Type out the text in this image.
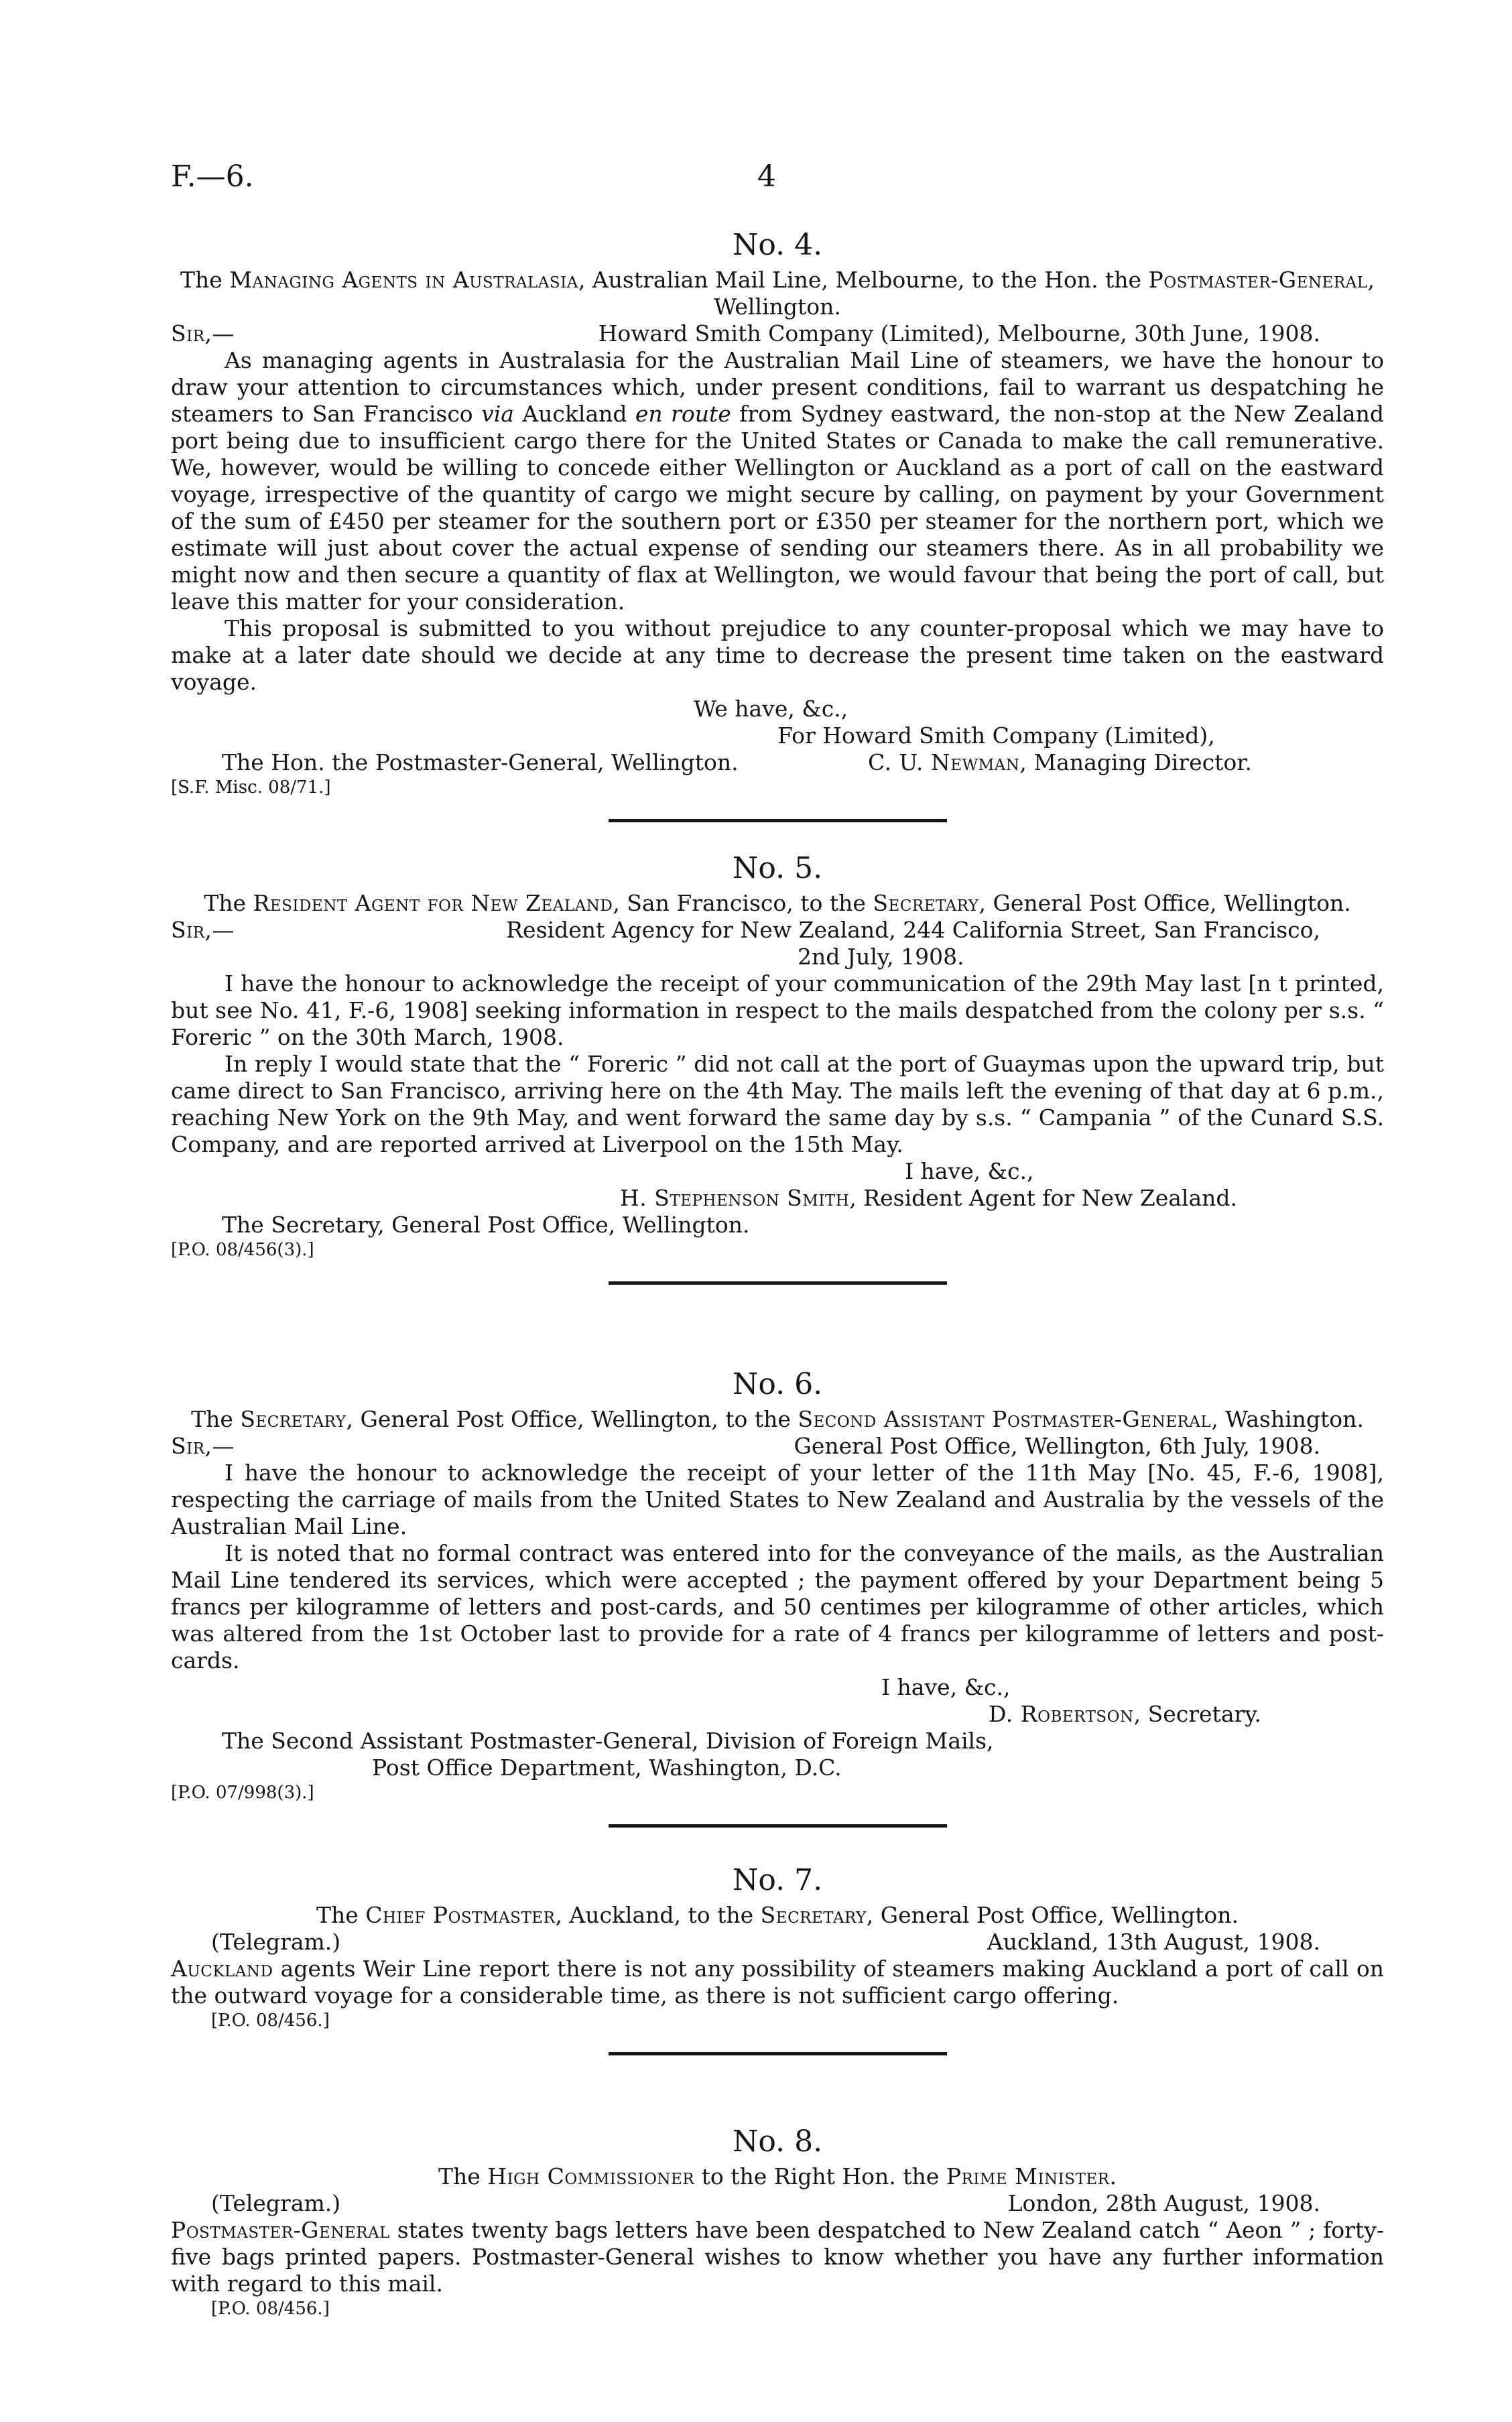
F.—6.	4

No. 4.

The Managing Agents in Australasia, Australian Mail Line, Melbourne, to the Hon. the Postmaster-General, Wellington.

Sir,—	Howard Smith Company (Limited), Melbourne, 30th June, 1908.

As managing agents in Australasia for the Australian Mail Line of steamers, we have the honour to draw your attention to circumstances which, under present conditions, fail to warrant us despatching he steamers to San Francisco via Auckland en route from Sydney eastward, the non-stop at the New Zealand port being due to insufficient cargo there for the United States or Canada to make the call remunerative. We, however, would be willing to concede either Wellington or Auckland as a port of call on the eastward voyage, irrespective of the quantity of cargo we might secure by calling, on payment by your Government of the sum of £450 per steamer for the southern port or £350 per steamer for the northern port, which we estimate will just about cover the actual expense of sending our steamers there. As in all probability we might now and then secure a quantity of flax at Wellington, we would favour that being the port of call, but leave this matter for your consideration.

This proposal is submitted to you without prejudice to any counter-proposal which we may have to make at a later date should we decide at any time to decrease the present time taken on the eastward voyage.

We have, &c.,
For Howard Smith Company (Limited),
The Hon. the Postmaster-General, Wellington.	C. U. Newman, Managing Director.

[S.F. Misc. 08/71.]

No. 5.

The Resident Agent for New Zealand, San Francisco, to the Secretary, General Post Office, Wellington.

Sir,—	Resident Agency for New Zealand, 244 California Street, San Francisco,
2nd July, 1908.

I have the honour to acknowledge the receipt of your communication of the 29th May last [n t printed, but see No. 41, F.-6, 1908] seeking information in respect to the mails despatched from the colony per s.s. “ Foreric ” on the 30th March, 1908.

In reply I would state that the “ Foreric ” did not call at the port of Guaymas upon the upward trip, but came direct to San Francisco, arriving here on the 4th May. The mails left the evening of that day at 6 p.m., reaching New York on the 9th May, and went forward the same day by s.s. “ Campania ” of the Cunard S.S. Company, and are reported arrived at Liverpool on the 15th May.

I have, &c.,
H. Stephenson Smith, Resident Agent for New Zealand.
The Secretary, General Post Office, Wellington.

[P.O. 08/456(3).]

No. 6.

The Secretary, General Post Office, Wellington, to the Second Assistant Postmaster-General, Washington.

Sir,—	General Post Office, Wellington, 6th July, 1908.

I have the honour to acknowledge the receipt of your letter of the 11th May [No. 45, F.-6, 1908], respecting the carriage of mails from the United States to New Zealand and Australia by the vessels of the Australian Mail Line.

It is noted that no formal contract was entered into for the conveyance of the mails, as the Australian Mail Line tendered its services, which were accepted ; the payment offered by your Department being 5 francs per kilogramme of letters and post-cards, and 50 centimes per kilogramme of other articles, which was altered from the 1st October last to provide for a rate of 4 francs per kilogramme of letters and post-cards.

I have, &c.,
D. Robertson, Secretary.
The Second Assistant Postmaster-General, Division of Foreign Mails,
Post Office Department, Washington, D.C.

[P.O. 07/998(3).]

No. 7.

The Chief Postmaster, Auckland, to the Secretary, General Post Office, Wellington.

(Telegram.)	Auckland, 13th August, 1908.

Auckland agents Weir Line report there is not any possibility of steamers making Auckland a port of call on the outward voyage for a considerable time, as there is not sufficient cargo offering.

[P.O. 08/456.]

No. 8.

The High Commissioner to the Right Hon. the Prime Minister.

(Telegram.)	London, 28th August, 1908.

Postmaster-General states twenty bags letters have been despatched to New Zealand catch “ Aeon ” ; forty-five bags printed papers. Postmaster-General wishes to know whether you have any further information with regard to this mail.

[P.O. 08/456.]
